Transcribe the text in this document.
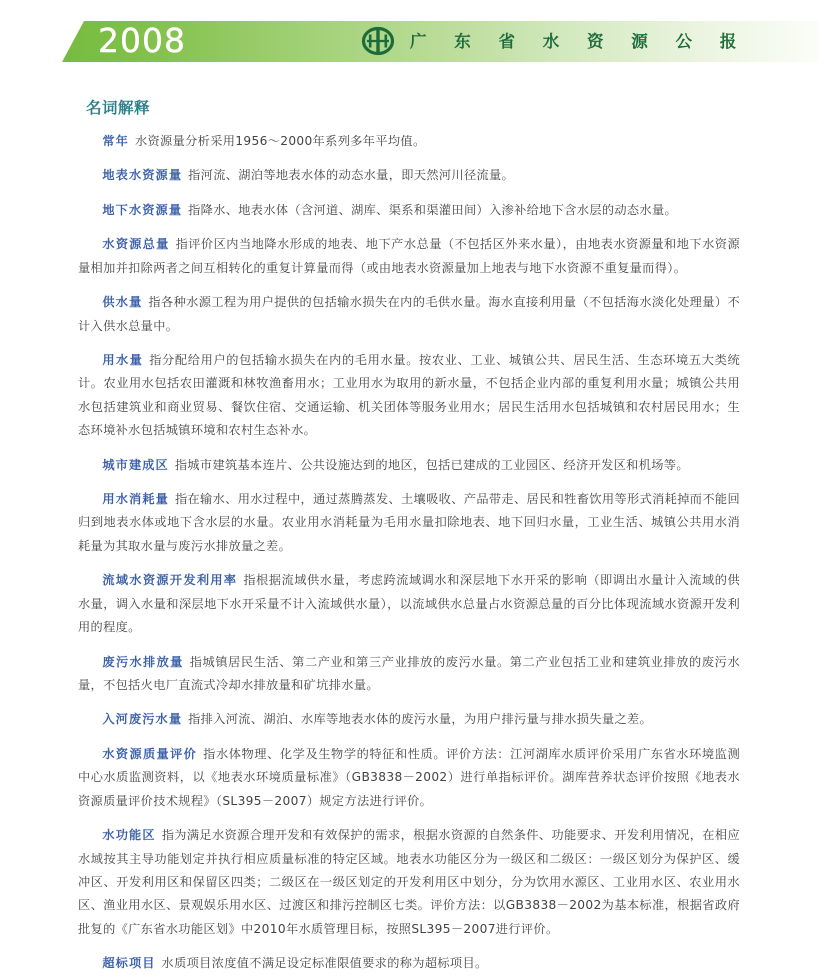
2008	广 东 省 水 资 源 公 报
名词解释

常年 水资源量分析采用1956～2000年系列多年平均值。

地表水资源量 指河流、湖泊等地表水体的动态水量，即天然河川径流量。

地下水资源量 指降水、地表水体（含河道、湖库、渠系和渠灌田间）入渗补给地下含水层的动态水量。

水资源总量 指评价区内当地降水形成的地表、地下产水总量（不包括区外来水量），由地表水资源量和地下水资源量相加并扣除两者之间互相转化的重复计算量而得（或由地表水资源量加上地表与地下水资源不重复量而得）。

供水量 指各种水源工程为用户提供的包括输水损失在内的毛供水量。海水直接利用量（不包括海水淡化处理量）不计入供水总量中。

用水量 指分配给用户的包括输水损失在内的毛用水量。按农业、工业、城镇公共、居民生活、生态环境五大类统计。农业用水包括农田灌溉和林牧渔畜用水；工业用水为取用的新水量，不包括企业内部的重复利用水量；城镇公共用水包括建筑业和商业贸易、餐饮住宿、交通运输、机关团体等服务业用水；居民生活用水包括城镇和农村居民用水；生态环境补水包括城镇环境和农村生态补水。

城市建成区 指城市建筑基本连片、公共设施达到的地区，包括已建成的工业园区、经济开发区和机场等。

用水消耗量 指在输水、用水过程中，通过蒸腾蒸发、土壤吸收、产品带走、居民和牲畜饮用等形式消耗掉而不能回归到地表水体或地下含水层的水量。农业用水消耗量为毛用水量扣除地表、地下回归水量，工业生活、城镇公共用水消耗量为其取水量与废污水排放量之差。

流域水资源开发利用率 指根据流域供水量，考虑跨流域调水和深层地下水开采的影响（即调出水量计入流域的供水量，调入水量和深层地下水开采量不计入流域供水量），以流域供水总量占水资源总量的百分比体现流域水资源开发利用的程度。

废污水排放量 指城镇居民生活、第二产业和第三产业排放的废污水量。第二产业包括工业和建筑业排放的废污水量，不包括火电厂直流式冷却水排放量和矿坑排水量。

入河废污水量 指排入河流、湖泊、水库等地表水体的废污水量，为用户排污量与排水损失量之差。

水资源质量评价 指水体物理、化学及生物学的特征和性质。评价方法：江河湖库水质评价采用广东省水环境监测中心水质监测资料，以《地表水环境质量标准》（GB3838－2002）进行单指标评价。湖库营养状态评价按照《地表水资源质量评价技术规程》（SL395－2007）规定方法进行评价。

水功能区 指为满足水资源合理开发和有效保护的需求，根据水资源的自然条件、功能要求、开发利用情况，在相应水域按其主导功能划定并执行相应质量标准的特定区域。地表水功能区分为一级区和二级区：一级区划分为保护区、缓冲区、开发利用区和保留区四类；二级区在一级区划定的开发利用区中划分，分为饮用水源区、工业用水区、农业用水区、渔业用水区、景观娱乐用水区、过渡区和排污控制区七类。评价方法：以GB3838－2002为基本标准，根据省政府批复的《广东省水功能区划》中2010年水质管理目标，按照SL395－2007进行评价。

超标项目 水质项目浓度值不满足设定标准限值要求的称为超标项目。
